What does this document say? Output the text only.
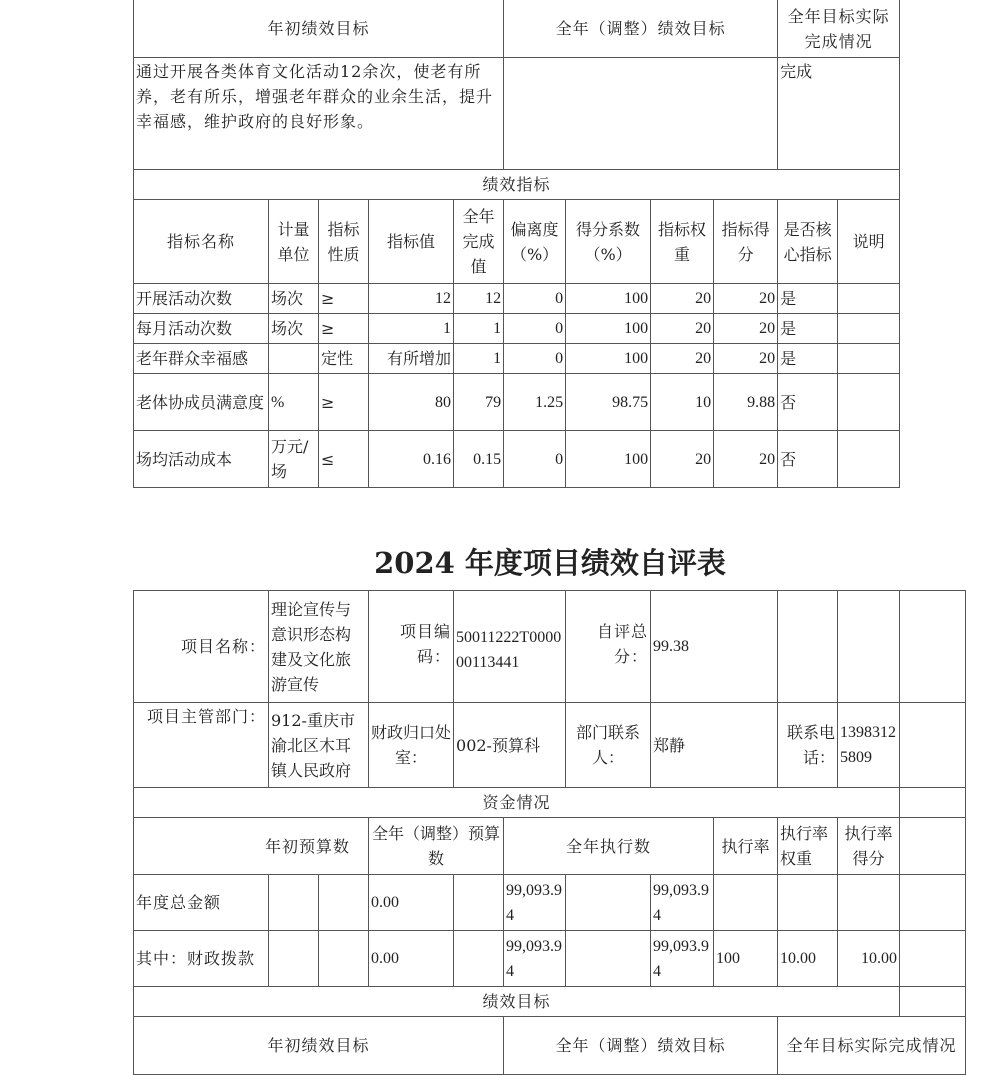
年初绩效目标					全年（调整）绩效目标				全年目标实际完成情况	
通过开展各类体育文化活动12余次，使老有所养，老有所乐，增强老年群众的业余生活，提升幸福感，维护政府的良好形象。									完成	
绩效指标										
指标名称	计量单位	指标性质	指标值	全年完成值	偏离度（%）	得分系数（%）	指标权重	指标得分	是否核心指标	说明
开展活动次数	场次	≥	12	12	0	100	20	20	是	
每月活动次数	场次	≥	1	1	0	100	20	20	是	
老年群众幸福感		定性	有所增加	1	0	100	20	20	是	
老体协成员满意度	%	≥	80	79	1.25	98.75	10	9.88	否	
场均活动成本	万元/场	≤	0.16	0.15	0	100	20	20	否	
2024 年度项目绩效自评表
项目名称：	理论宣传与意识形态构建及文化旅游宣传		项目编码：	50011222T000000113441		自评总分：	99.38				
项目主管部门：	912-重庆市渝北区木耳镇人民政府		财政归口处室：	002-预算科		部门联系人：	郑静		联系电话：	13983125809	
资金情况											
年初预算数			全年（调整）预算数		全年执行数			执行率	执行率权重	执行率得分	
年度总金额			0.00		99,093.94		99,093.94				
其中：财政拨款			0.00		99,093.94		99,093.94	100	10.00	10.00	
绩效目标											
年初绩效目标					全年（调整）绩效目标				全年目标实际完成情况		
